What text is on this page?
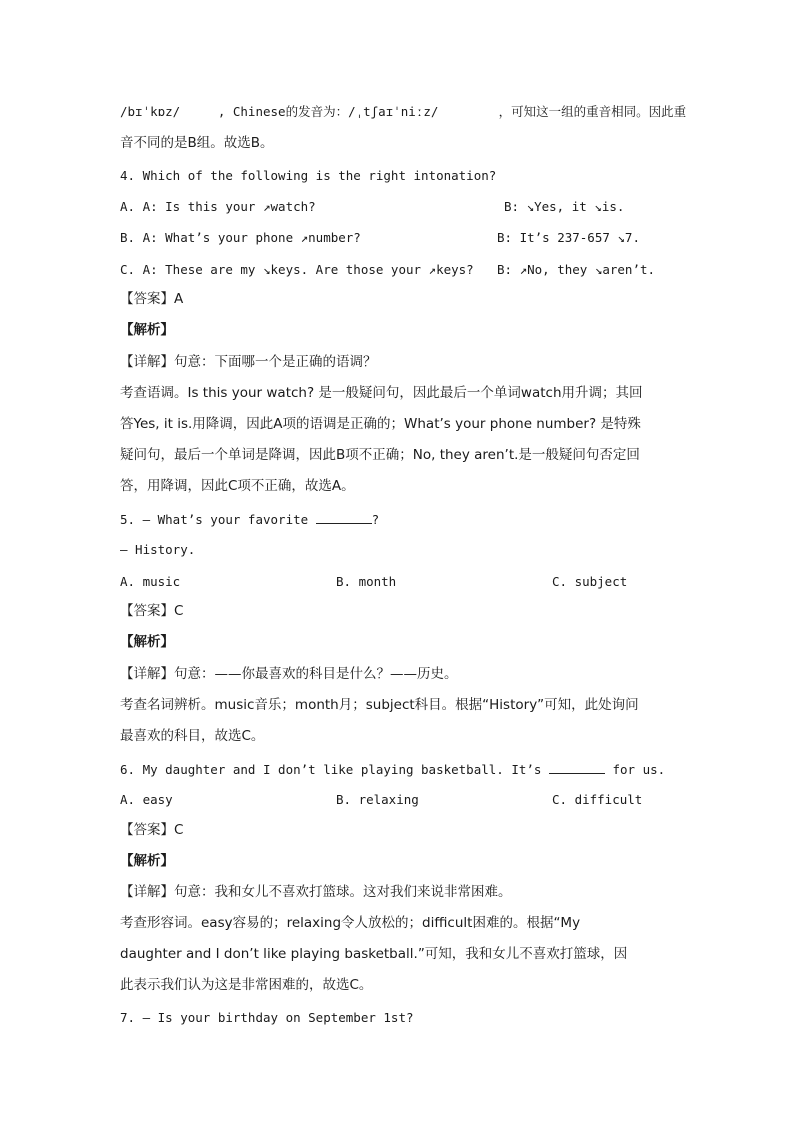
/bɪˈkɒz/     , Chinese的发音为：/ˌtʃaɪˈniːz/        ，可知这一组的重音相同。因此重
音不同的是B组。故选B。
4. Which of the following is the right intonation?
A. A: Is this your ↗watch?	B: ↘Yes, it ↘is.
B. A: What’s your phone ↗number?	B: It’s 237-657 ↘7.
C. A: These are my ↘keys. Are those your ↗keys? B: ↗No, they ↘aren’t.
【答案】A
【解析】
【详解】句意：下面哪一个是正确的语调？
考查语调。Is this your watch? 是一般疑问句，因此最后一个单词watch用升调；其回
答Yes, it is.用降调，因此A项的语调是正确的；What’s your phone number? 是特殊
疑问句，最后一个单词是降调，因此B项不正确；No, they aren’t.是一般疑问句否定回
答，用降调，因此C项不正确，故选A。
5. — What’s your favorite	?
— History.
A. music	B. month	C. subject
【答案】C
【解析】
【详解】句意：——你最喜欢的科目是什么？——历史。
考查名词辨析。music音乐；month月；subject科目。根据“History”可知，此处询问
最喜欢的科目，故选C。
6. My daughter and I don’t like playing basketball. It’s	for us.
A. easy	B. relaxing	C. difficult
【答案】C
【解析】
【详解】句意：我和女儿不喜欢打篮球。这对我们来说非常困难。
考查形容词。easy容易的；relaxing令人放松的；difficult困难的。根据“My
daughter and I don’t like playing basketball.”可知，我和女儿不喜欢打篮球，因
此表示我们认为这是非常困难的，故选C。
7. — Is your birthday on September 1st?
